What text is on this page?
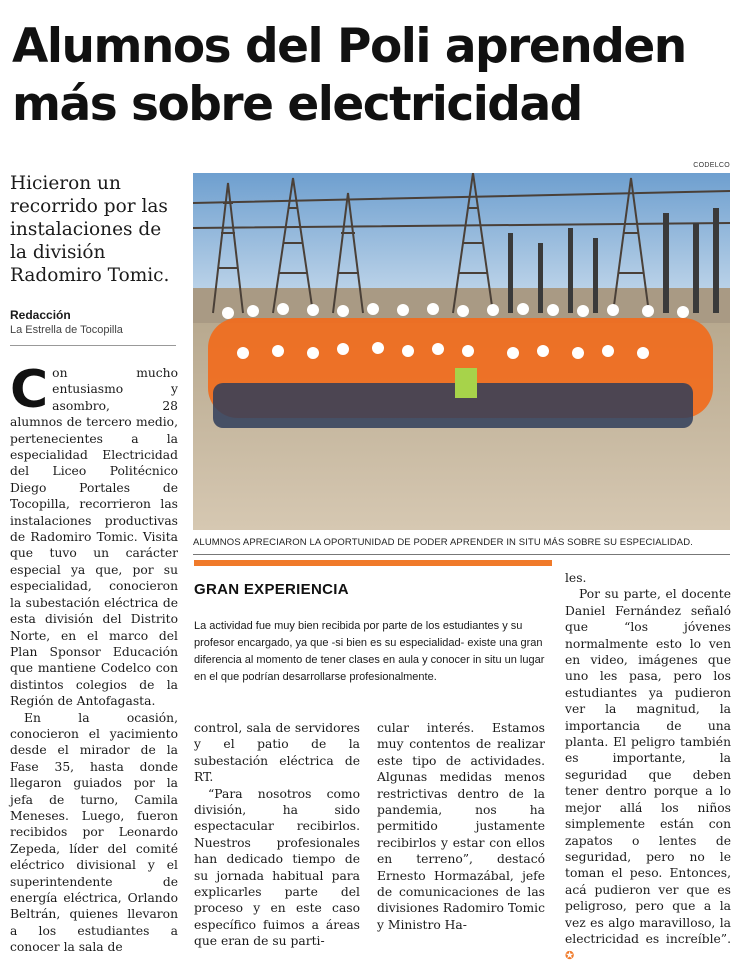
Alumnos del Poli aprenden más sobre electricidad

Hicieron un recorrido por las instalaciones de la división Radomiro Tomic.

Redacción
La Estrella de Tocopilla
CODELCO
ALUMNOS APRECIARON LA OPORTUNIDAD DE PODER APRENDER IN SITU MÁS SOBRE SU ESPECIALIDAD.

Con mucho entusiasmo y asombro, 28 alumnos de tercero medio, pertenecientes a la especialidad Electricidad del Liceo Politécnico Diego Portales de Tocopilla, recorrieron las instalaciones productivas de Radomiro Tomic. Visita que tuvo un carácter especial ya que, por su especialidad, conocieron la subestación eléctrica de esta división del Distrito Norte, en el marco del Plan Sponsor Educación que mantiene Codelco con distintos colegios de la Región de Antofagasta.

En la ocasión, conocieron el yacimiento desde el mirador de la Fase 35, hasta donde llegaron guiados por la jefa de turno, Camila Meneses. Luego, fueron recibidos por Leonardo Zepeda, líder del comité eléctrico divisional y el superintendente de energía eléctrica, Orlando Beltrán, quienes llevaron a los estudiantes a conocer la sala de

GRAN EXPERIENCIA
La actividad fue muy bien recibida por parte de los estudiantes y su profesor encargado, ya que -si bien es su especialidad- existe una gran diferencia al momento de tener clases en aula y conocer in situ un lugar en el que podrían desarrollarse profesionalmente.

control, sala de servidores y el patio de la subestación eléctrica de RT.

“Para nosotros como división, ha sido espectacular recibirlos. Nuestros profesionales han dedicado tiempo de su jornada habitual para explicarles parte del proceso y en este caso específico fuimos a áreas que eran de su parti-

cular interés. Estamos muy contentos de realizar este tipo de actividades. Algunas medidas menos restrictivas dentro de la pandemia, nos ha permitido justamente recibirlos y estar con ellos en terreno”, destacó Ernesto Hormazábal, jefe de comunicaciones de las divisiones Radomiro Tomic y Ministro Ha-

les.

Por su parte, el docente Daniel Fernández señaló que “los jóvenes normalmente esto lo ven en video, imágenes que uno les pasa, pero los estudiantes ya pudieron ver la magnitud, la importancia de una planta. El peligro también es importante, la seguridad que deben tener dentro porque a lo mejor allá los niños simplemente están con zapatos o lentes de seguridad, pero no le toman el peso. Entonces, acá pudieron ver que es peligroso, pero que a la vez es algo maravilloso, la electricidad es increíble”. ✪
